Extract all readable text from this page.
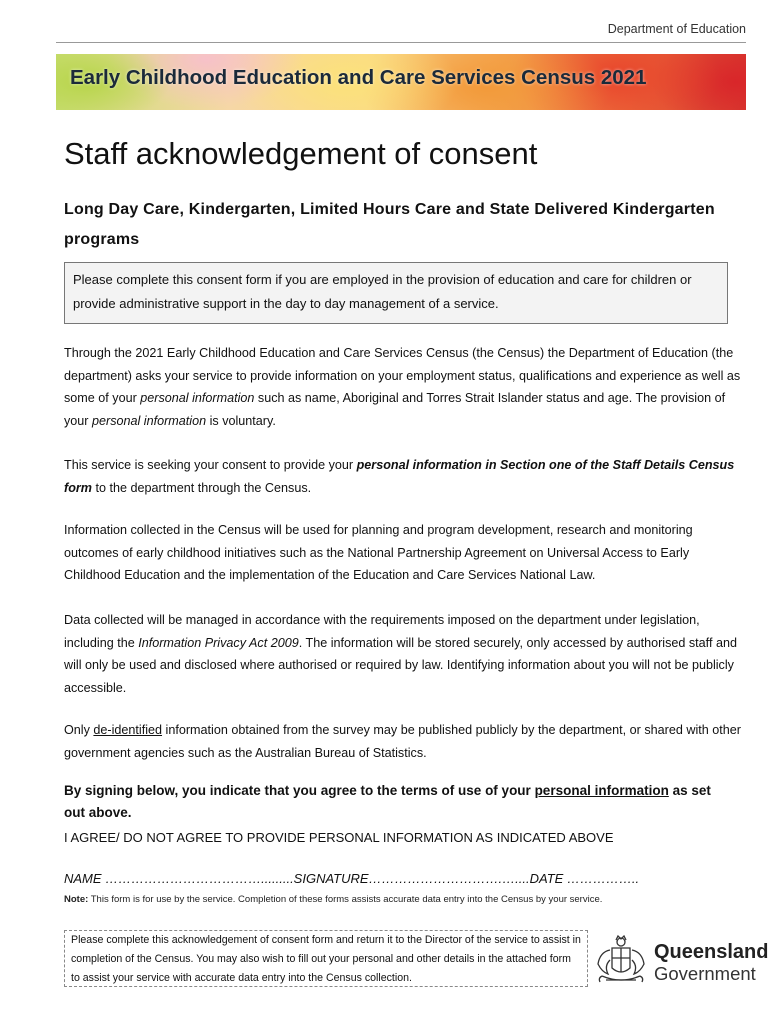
Department of Education
Early Childhood Education and Care Services Census 2021
Staff acknowledgement of consent

Long Day Care, Kindergarten, Limited Hours Care and State Delivered Kindergarten programs

Please complete this consent form if you are employed in the provision of education and care for children or provide administrative support in the day to day management of a service.

Through the 2021 Early Childhood Education and Care Services Census (the Census) the Department of Education (the department) asks your service to provide information on your employment status, qualifications and experience as well as some of your personal information such as name, Aboriginal and Torres Strait Islander status and age. The provision of your personal information is voluntary.

This service is seeking your consent to provide your personal information in Section one of the Staff Details Census form to the department through the Census.

Information collected in the Census will be used for planning and program development, research and monitoring outcomes of early childhood initiatives such as the National Partnership Agreement on Universal Access to Early Childhood Education and the implementation of the Education and Care Services National Law.

Data collected will be managed in accordance with the requirements imposed on the department under legislation, including the Information Privacy Act 2009. The information will be stored securely, only accessed by authorised staff and will only be used and disclosed where authorised or required by law. Identifying information about you will not be publicly accessible.

Only de-identified information obtained from the survey may be published publicly by the department, or shared with other government agencies such as the Australian Bureau of Statistics.

By signing below, you indicate that you agree to the terms of use of your personal information as set out above.

I AGREE/ DO NOT AGREE TO PROVIDE PERSONAL INFORMATION AS INDICATED ABOVE

NAME ……………………………….........SIGNATURE………………………….…....DATE ……………..

Note: This form is for use by the service. Completion of these forms assists accurate data entry into the Census by your service.

Please complete this acknowledgement of consent form and return it to the Director of the service to assist in completion of the Census. You may also wish to fill out your personal and other details in the attached form to assist your service with accurate data entry into the Census collection.
Queensland
Government
